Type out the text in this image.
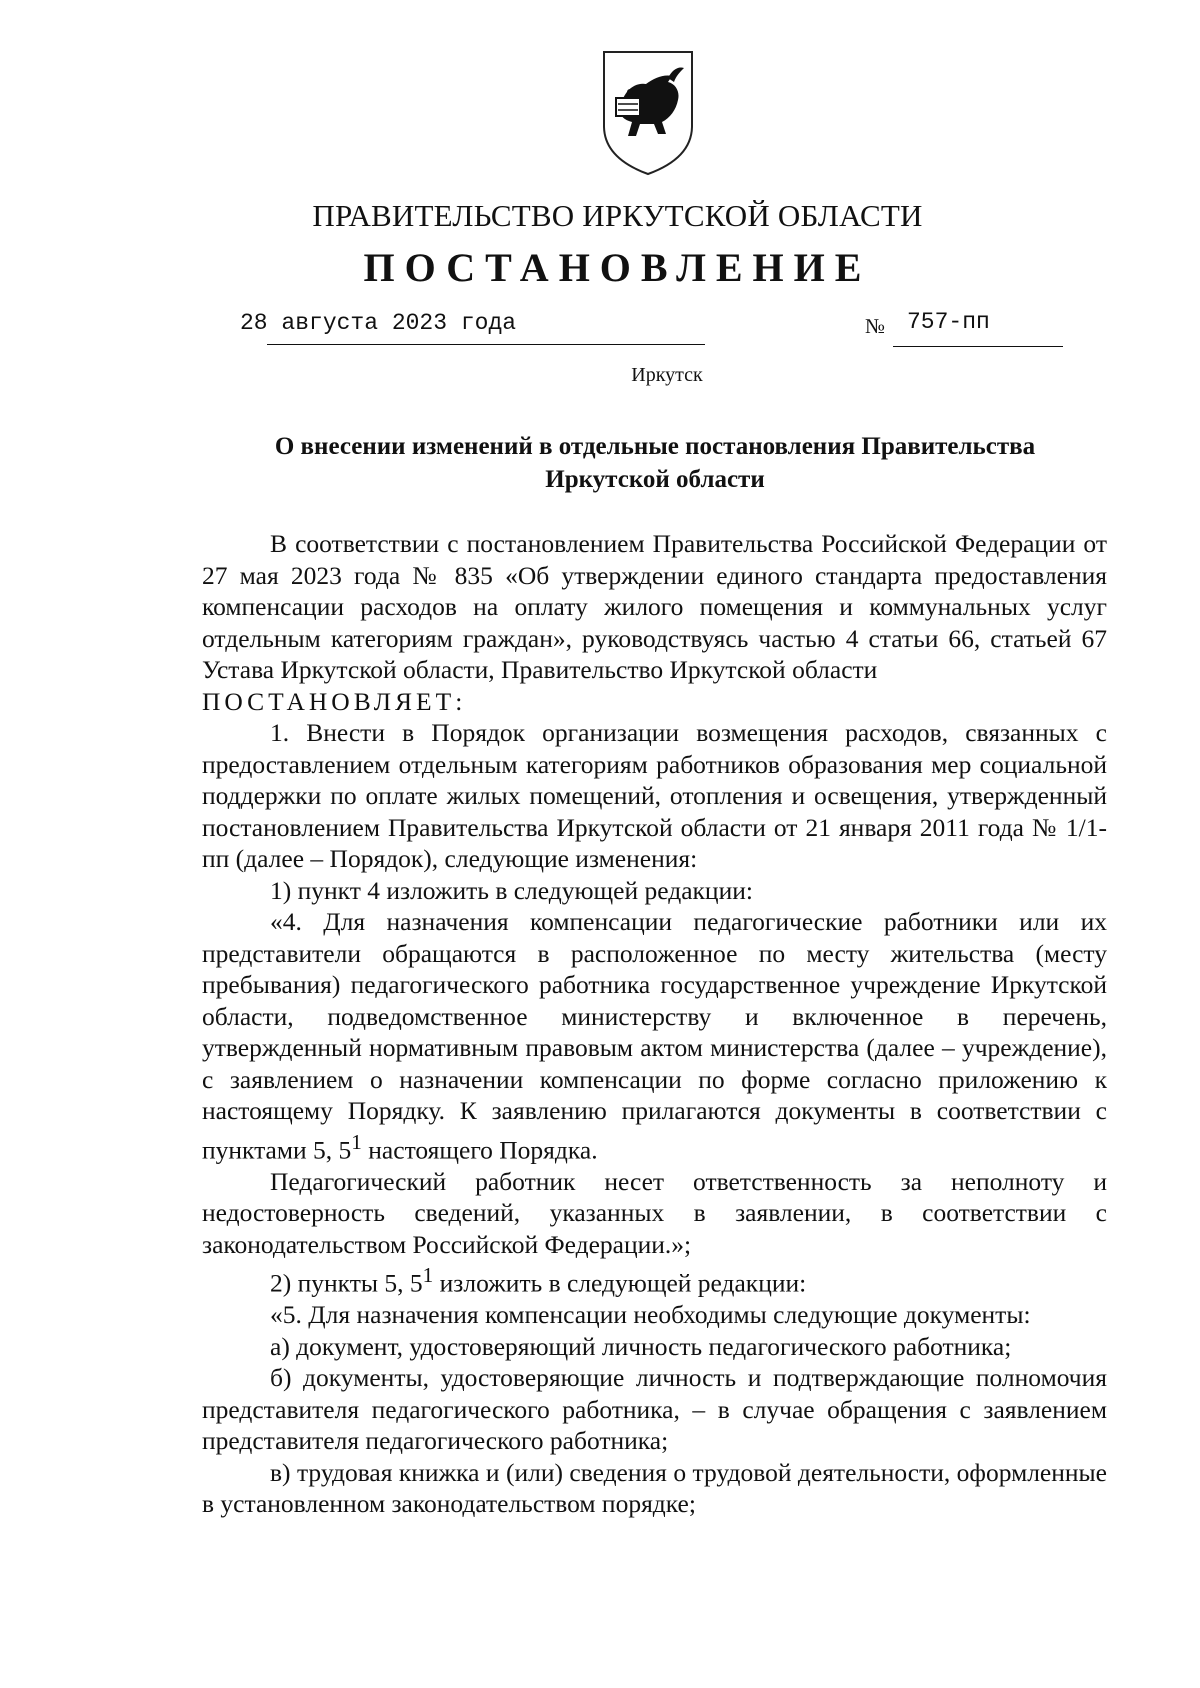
ПРАВИТЕЛЬСТВО ИРКУТСКОЙ ОБЛАСТИ
ПОСТАНОВЛЕНИЕ
28 августа 2023 года	№ 757-пп
Иркутск
О внесении изменений в отдельные постановления Правительства
Иркутской области

В соответствии с постановлением Правительства Российской Федерации от 27 мая 2023 года № 835 «Об утверждении единого стандарта предоставления компенсации расходов на оплату жилого помещения и коммунальных услуг отдельным категориям граждан», руководствуясь частью 4 статьи 66, статьей 67 Устава Иркутской области, Правительство Иркутской области

ПОСТАНОВЛЯЕТ:

1. Внести в Порядок организации возмещения расходов, связанных с предоставлением отдельным категориям работников образования мер социальной поддержки по оплате жилых помещений, отопления и освещения, утвержденный постановлением Правительства Иркутской области от 21 января 2011 года № 1/1-пп (далее – Порядок), следующие изменения:

1) пункт 4 изложить в следующей редакции:

«4. Для назначения компенсации педагогические работники или их представители обращаются в расположенное по месту жительства (месту пребывания) педагогического работника государственное учреждение Иркутской области, подведомственное министерству и включенное в перечень, утвержденный нормативным правовым актом министерства (далее – учреждение), с заявлением о назначении компенсации по форме согласно приложению к настоящему Порядку. К заявлению прилагаются документы в соответствии с пунктами 5, $5^1$ настоящего Порядка.

Педагогический работник несет ответственность за неполноту и недостоверность сведений, указанных в заявлении, в соответствии с законодательством Российской Федерации.»;

2) пункты 5, $5^1$ изложить в следующей редакции:

«5. Для назначения компенсации необходимы следующие документы:

а) документ, удостоверяющий личность педагогического работника;

б) документы, удостоверяющие личность и подтверждающие полномочия представителя педагогического работника, – в случае обращения с заявлением представителя педагогического работника;

в) трудовая книжка и (или) сведения о трудовой деятельности, оформленные в установленном законодательством порядке;
